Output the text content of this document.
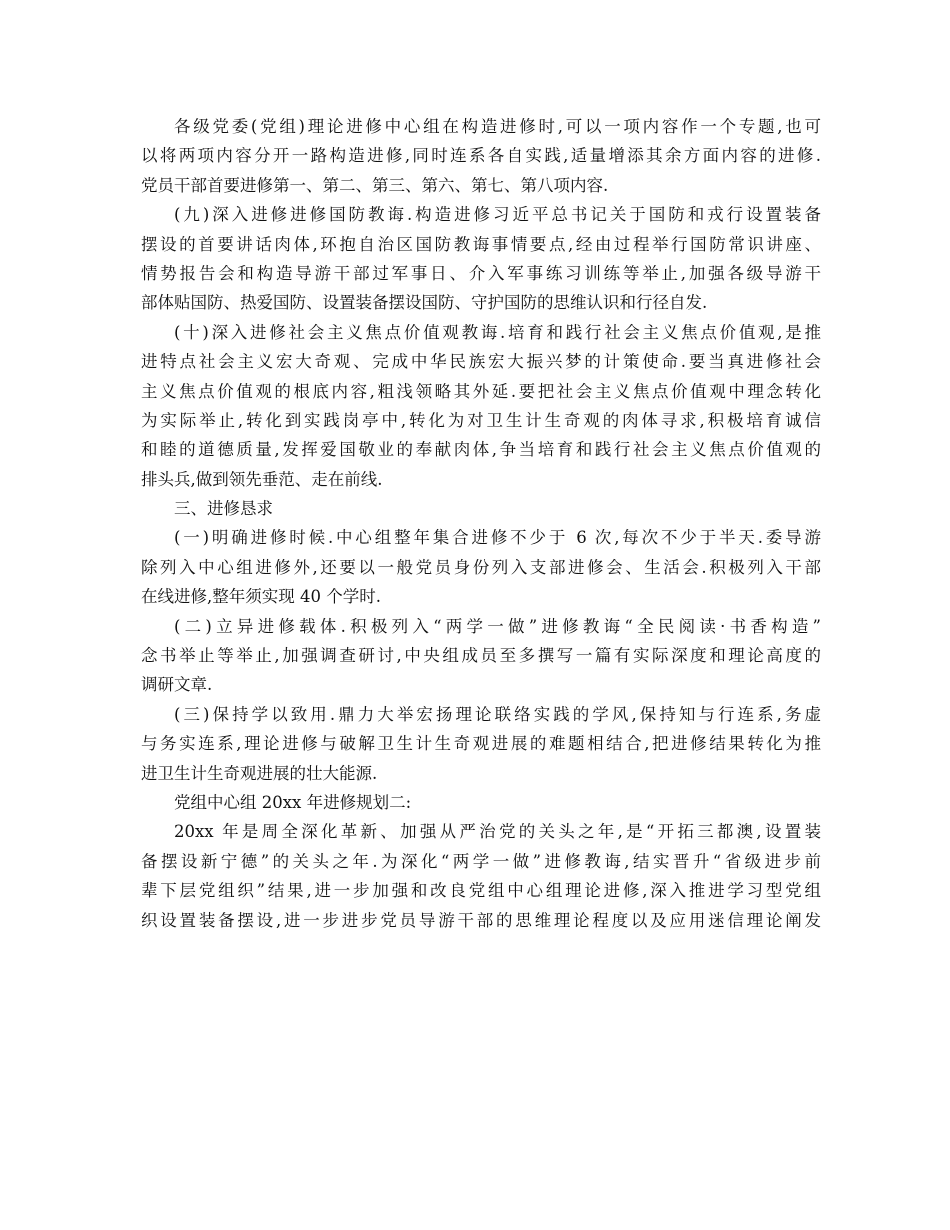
各级党委(党组)理论进修中心组在构造进修时,可以一项内容作一个专题,也可
以将两项内容分开一路构造进修,同时连系各自实践,适量增添其余方面内容的进修.
党员干部首要进修第一、第二、第三、第六、第七、第八项内容.
(九)深入进修进修国防教诲.构造进修习近平总书记关于国防和戎行设置装备
摆设的首要讲话肉体,环抱自治区国防教诲事情要点,经由过程举行国防常识讲座、
情势报告会和构造导游干部过军事日、介入军事练习训练等举止,加强各级导游干
部体贴国防、热爱国防、设置装备摆设国防、守护国防的思维认识和行径自发.
(十)深入进修社会主义焦点价值观教诲.培育和践行社会主义焦点价值观,是推
进特点社会主义宏大奇观、完成中华民族宏大振兴梦的计策使命.要当真进修社会
主义焦点价值观的根底内容,粗浅领略其外延.要把社会主义焦点价值观中理念转化
为实际举止,转化到实践岗亭中,转化为对卫生计生奇观的肉体寻求,积极培育诚信
和睦的道德质量,发挥爱国敬业的奉献肉体,争当培育和践行社会主义焦点价值观的
排头兵,做到领先垂范、走在前线.
三、进修恳求
(一)明确进修时候.中心组整年集合进修不少于 6 次,每次不少于半天.委导游
除列入中心组进修外,还要以一般党员身份列入支部进修会、生活会.积极列入干部
在线进修,整年须实现 40 个学时.
(二)立异进修载体.积极列入“两学一做”进修教诲“全民阅读·书香构造”
念书举止等举止,加强调查研讨,中央组成员至多撰写一篇有实际深度和理论高度的
调研文章.
(三)保持学以致用.鼎力大举宏扬理论联络实践的学风,保持知与行连系,务虚
与务实连系,理论进修与破解卫生计生奇观进展的难题相结合,把进修结果转化为推
进卫生计生奇观进展的壮大能源.
党组中心组 20xx 年进修规划二:
20xx 年是周全深化革新、加强从严治党的关头之年,是“开拓三都澳,设置装
备摆设新宁德”的关头之年.为深化“两学一做”进修教诲,结实晋升“省级进步前
辈下层党组织”结果,进一步加强和改良党组中心组理论进修,深入推进学习型党组
织设置装备摆设,进一步进步党员导游干部的思维理论程度以及应用迷信理论阐发
